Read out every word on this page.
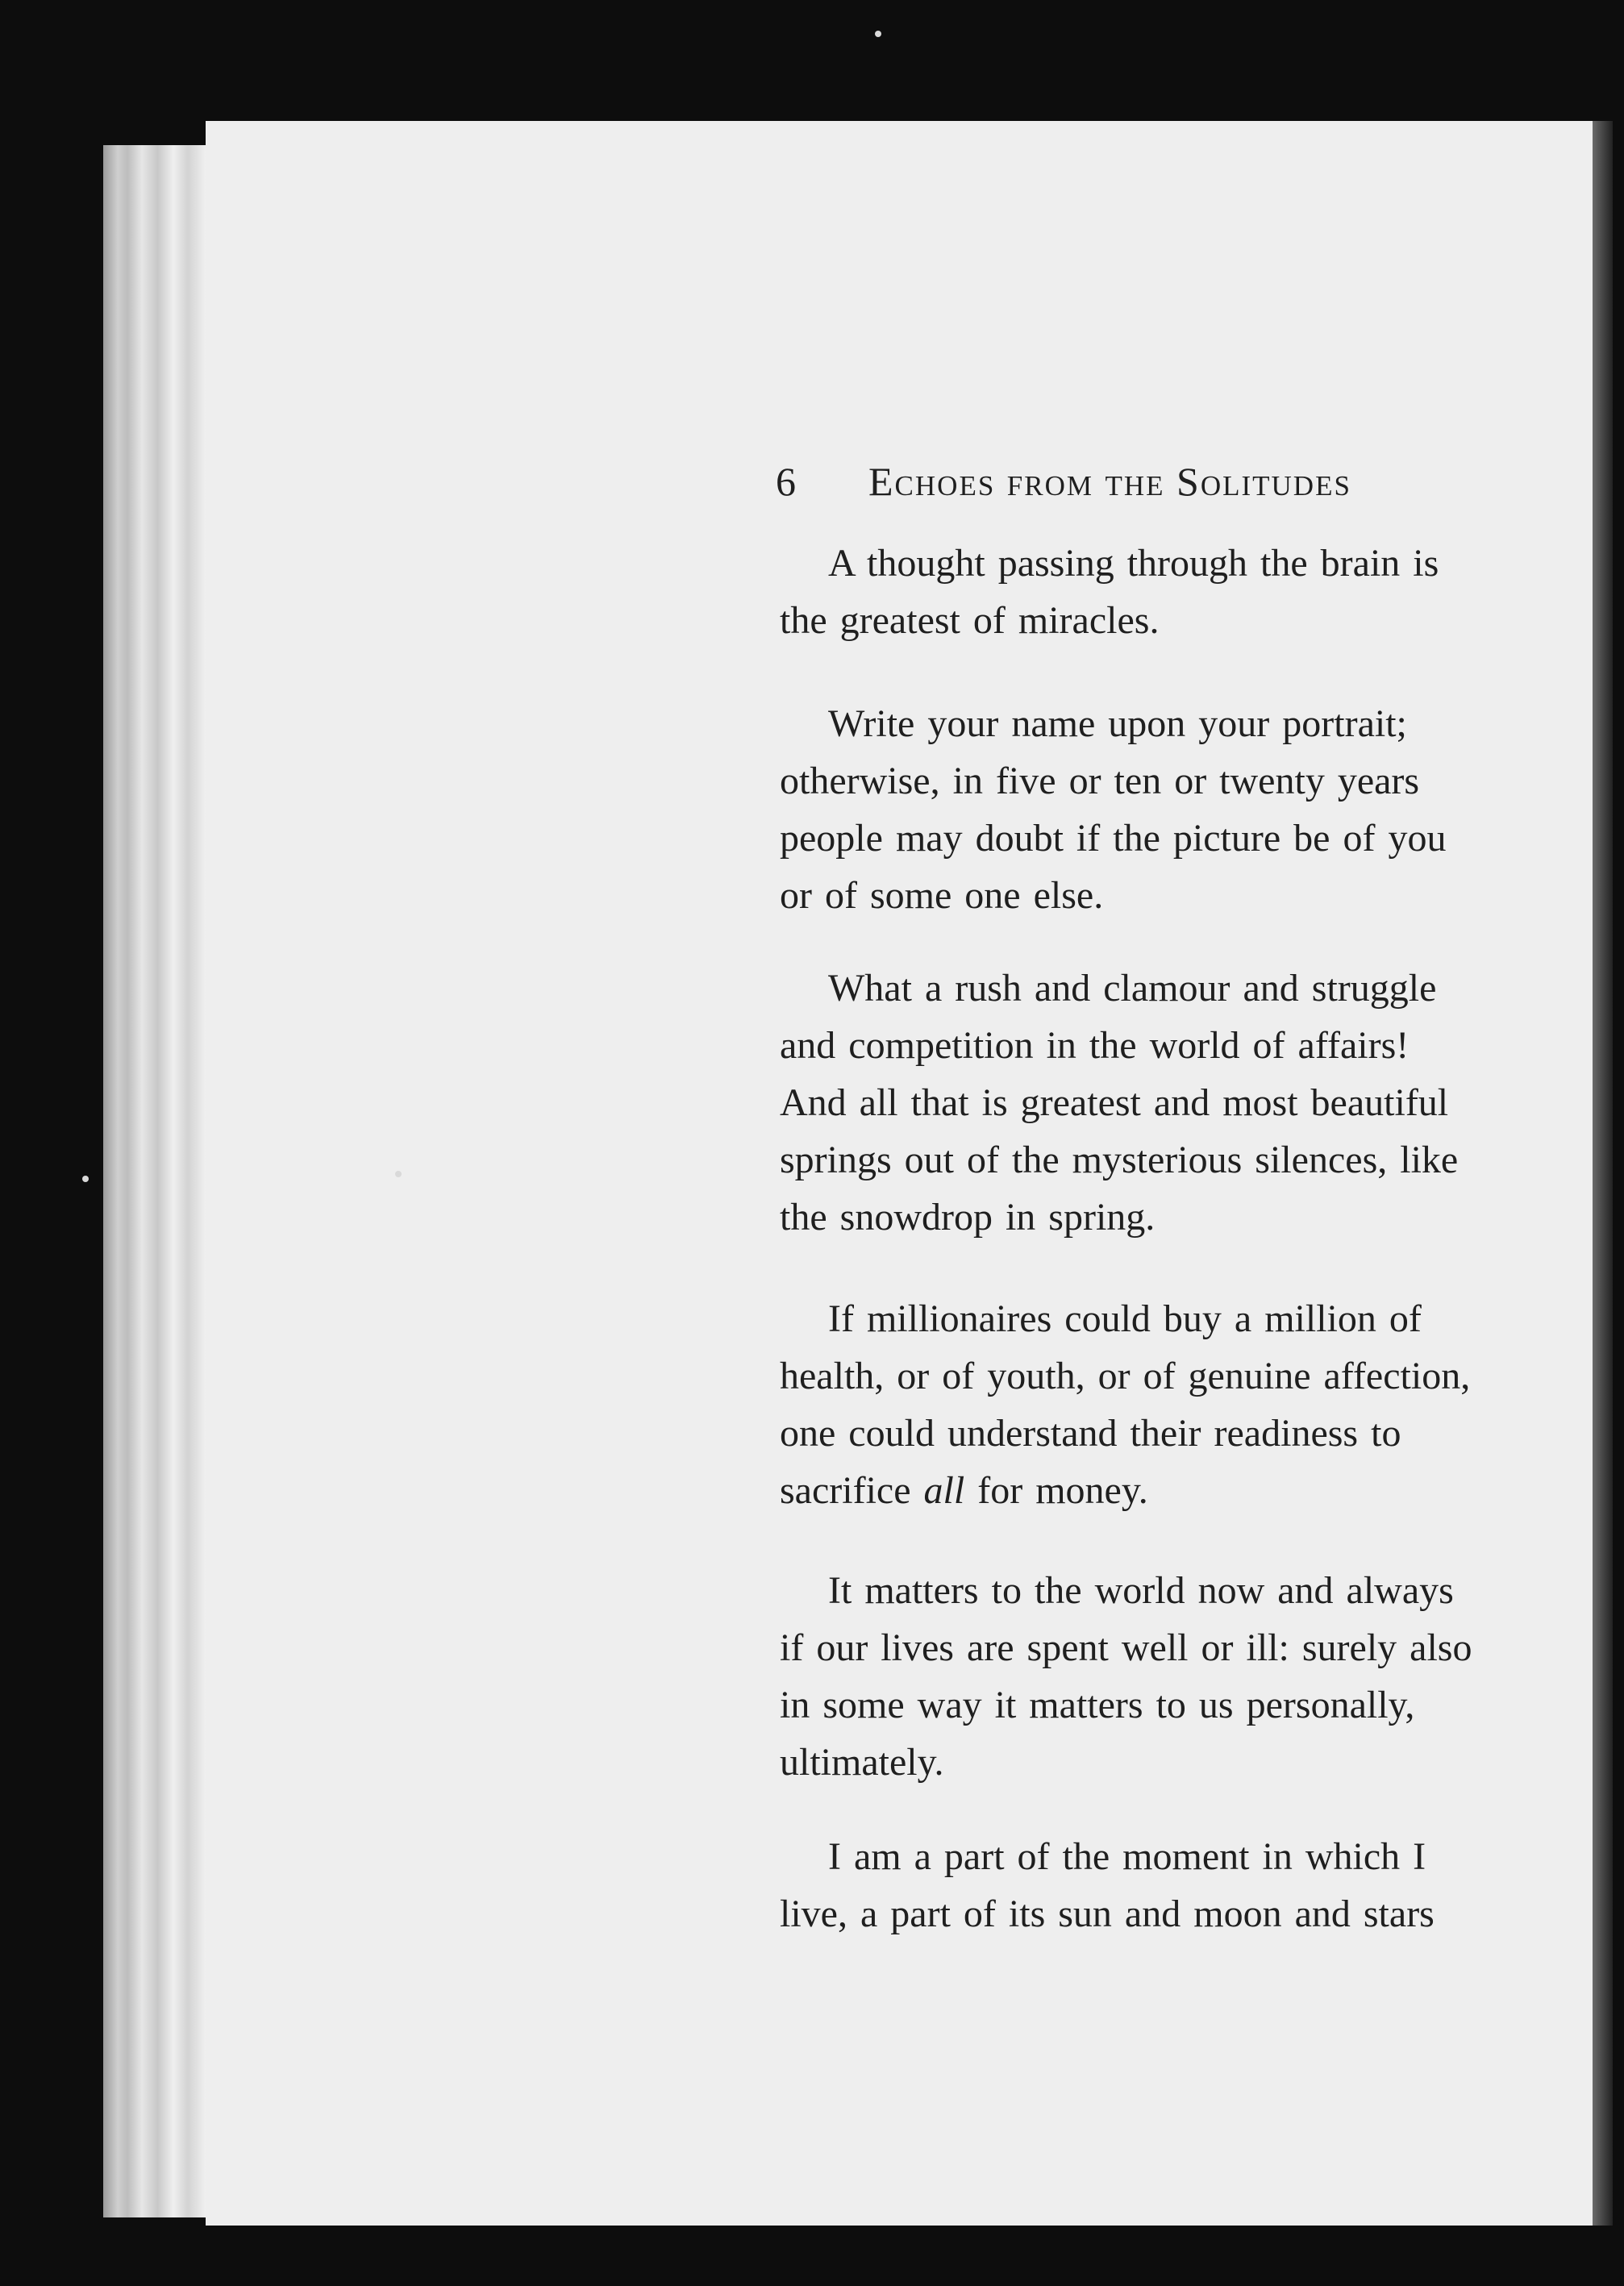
6 Echoes from the Solitudes
A thought passing through the brain is
the greatest of miracles.
Write your name upon your portrait;
otherwise, in five or ten or twenty years
people may doubt if the picture be of you
or of some one else.
What a rush and clamour and struggle
and competition in the world of affairs!
And all that is greatest and most beautiful
springs out of the mysterious silences, like
the snowdrop in spring.
If millionaires could buy a million of
health, or of youth, or of genuine affection,
one could understand their readiness to
sacrifice all for money.
It matters to the world now and always
if our lives are spent well or ill: surely also
in some way it matters to us personally,
ultimately.
I am a part of the moment in which I
live, a part of its sun and moon and stars
